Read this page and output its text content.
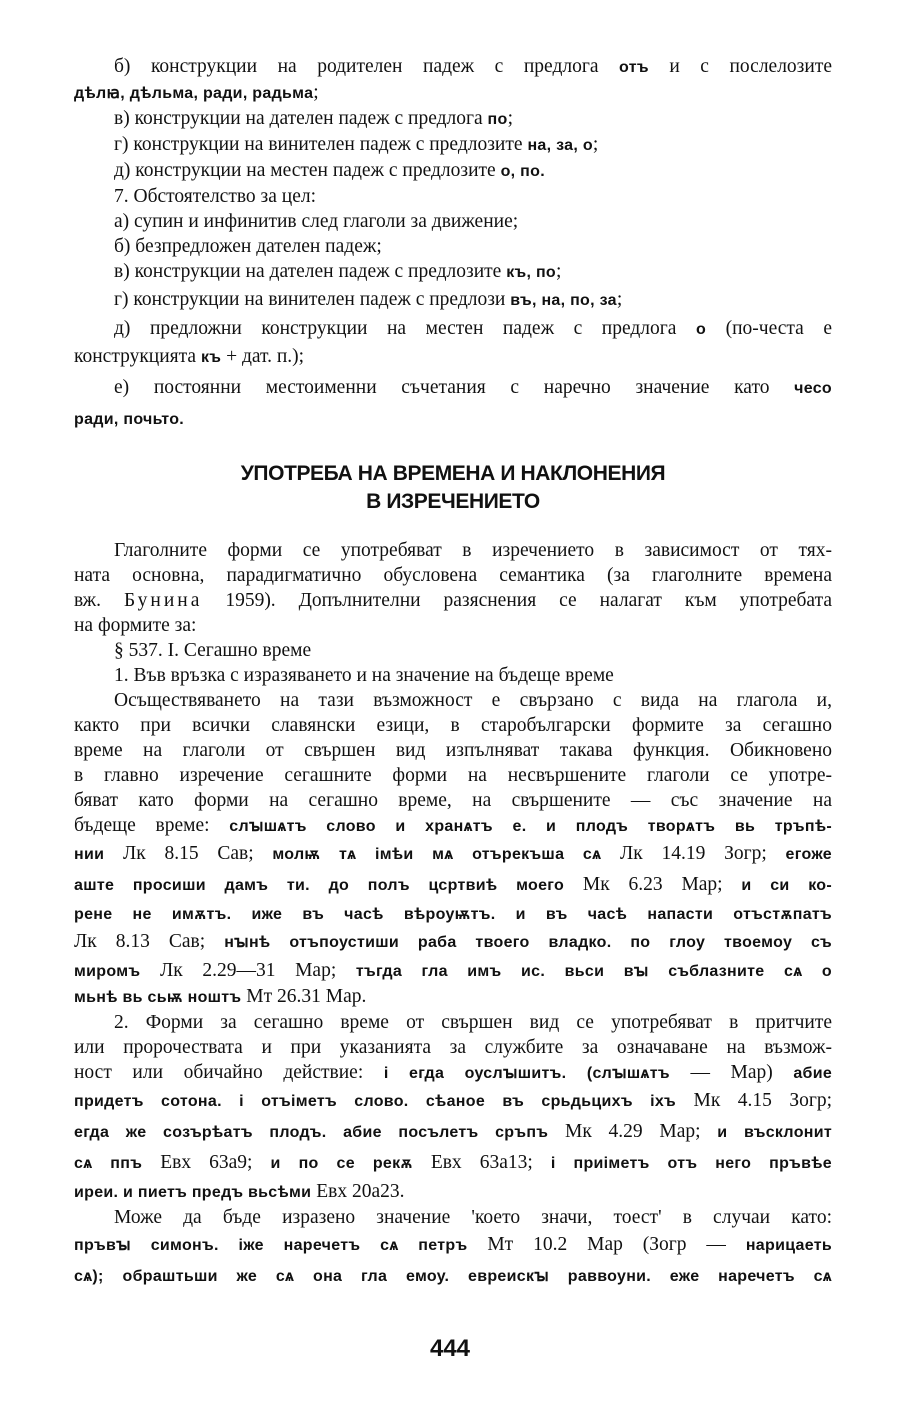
б) конструкции на родителен падеж с предлога отъ и с послелозите
дѣлꙗ, дѣльма, ради, радьма;
в) конструкции на дателен падеж с предлога по;
г) конструкции на винителен падеж с предлозите на, за, о;
д) конструкции на местен падеж с предлозите о, по.
7. Обстоятелство за цел:
а) супин и инфинитив след глаголи за движение;
б) безпредложен дателен падеж;
в) конструкции на дателен падеж с предлозите къ, по;
г) конструкции на винителен падеж с предлози въ, на, по, за;
д) предложни конструкции на местен падеж с предлога о (по-честа е
конструкцията къ + дат. п.);
е) постоянни местоименни съчетания с наречно значение като чесо
ради, почьто.
УПОТРЕБА НА ВРЕМЕНА И НАКЛОНЕНИЯ
В ИЗРЕЧЕНИЕТО
Глаголните форми се употребяват в изречението в зависимост от тях-
ната основна, парадигматично обусловена семантика (за глаголните времена
вж. Бунина 1959). Допълнителни разяснения се налагат към употребата
на формите за:
§ 537. I. Сегашно време
1. Във връзка с изразяването и на значение на бъдеще време
Осъществяването на тази възможност е свързано с вида на глагола и,
както при всички славянски езици, в старобългарски формите за сегашно
време на глаголи от свършен вид изпълняват такава функция. Обикновено
в главно изречение сегашните форми на несвършените глаголи се употре-
бяват като форми на сегашно време, на свършените — със значение на
бъдеще време: слꙑшѧтъ слово и хранѧтъ е. и плодъ творѧтъ вь тръпѣ-
нии Лк 8.15 Сав; молѭ тѧ імѣи мѧ отърекъша сѧ Лк 14.19 Зогр; егоже
аште просиши дамъ ти. до полъ цсртвиѣ моего Мк 6.23 Мар; и си ко-
рене не имѫтъ. иже въ часѣ вѣроуѭтъ. и въ часѣ напасти отъстѫпатъ
Лк 8.13 Сав; нꙑнѣ отъпоустиши раба твоего владко. по глоу твоемоу съ
миромъ Лк 2.29—31 Мар; тъгда гла имъ ис. вьси вꙑ съблазните сѧ о
мьнѣ вь сьѭ ноштъ Мт 26.31 Мар.
2. Форми за сегашно време от свършен вид се употребяват в притчите
или пророчествата и при указанията за службите за означаване на възмож-
ност или обичайно действие: і егда оуслꙑшитъ. (слꙑшѧтъ — Мар) абие
придетъ сотона. і отъіметъ слово. сѣаное въ срьдьцихъ іхъ Мк 4.15 Зогр;
егда же созърѣатъ плодъ. абие посълетъ сръпъ Мк 4.29 Мар; и въсклонит
сѧ ппъ Евх 63а9; и по се рекѫ Евх 63а13; і приіметъ отъ него пръвѣе
иреи. и пиетъ предъ вьсѣми Евх 20а23.
Може да бъде изразено значение 'което значи, тоест' в случаи като:
пръвꙑ симонъ. іже наречетъ сѧ петръ Мт 10.2 Мар (Зогр — нарицаеть
сѧ); обраштьши же сѧ она гла емоу. евреискꙑ раввоуни. еже наречетъ сѧ
444
